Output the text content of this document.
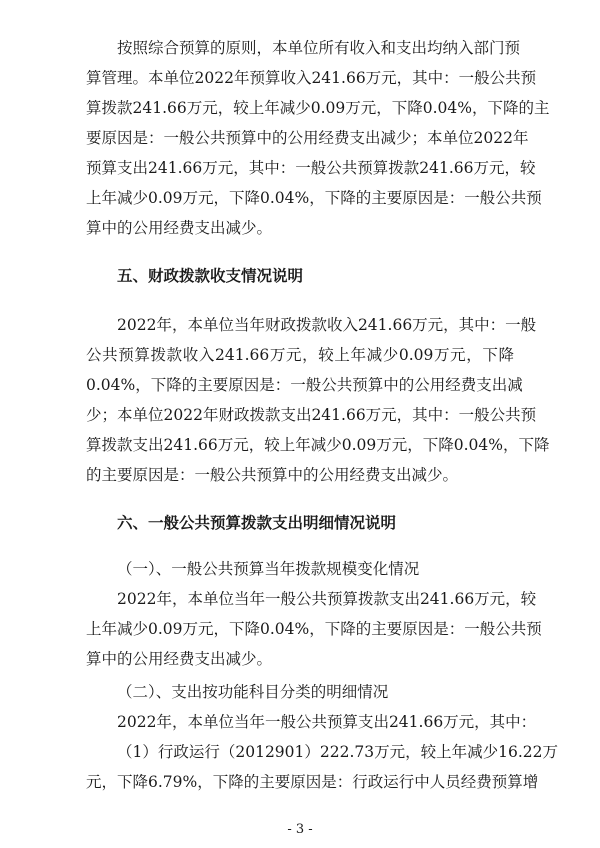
按照综合预算的原则，本单位所有收入和支出均纳入部门预
算管理。本单位2022年预算收入241.66万元，其中：一般公共预
算拨款241.66万元，较上年减少0.09万元，下降0.04%，下降的主
要原因是：一般公共预算中的公用经费支出减少；本单位2022年
预算支出241.66万元，其中：一般公共预算拨款241.66万元，较
上年减少0.09万元，下降0.04%，下降的主要原因是：一般公共预
算中的公用经费支出减少。
五、财政拨款收支情况说明
2022年，本单位当年财政拨款收入241.66万元，其中：一般
公共预算拨款收入241.66万元，较上年减少0.09万元，下降
0.04%，下降的主要原因是：一般公共预算中的公用经费支出减
少；本单位2022年财政拨款支出241.66万元，其中：一般公共预
算拨款支出241.66万元，较上年减少0.09万元，下降0.04%，下降
的主要原因是：一般公共预算中的公用经费支出减少。
六、一般公共预算拨款支出明细情况说明
（一）、一般公共预算当年拨款规模变化情况
2022年，本单位当年一般公共预算拨款支出241.66万元，较
上年减少0.09万元，下降0.04%，下降的主要原因是：一般公共预
算中的公用经费支出减少。
（二）、支出按功能科目分类的明细情况
2022年，本单位当年一般公共预算支出241.66万元，其中：
（1）行政运行（2012901）222.73万元，较上年减少16.22万
元，下降6.79%，下降的主要原因是：行政运行中人员经费预算增
- 3 -
